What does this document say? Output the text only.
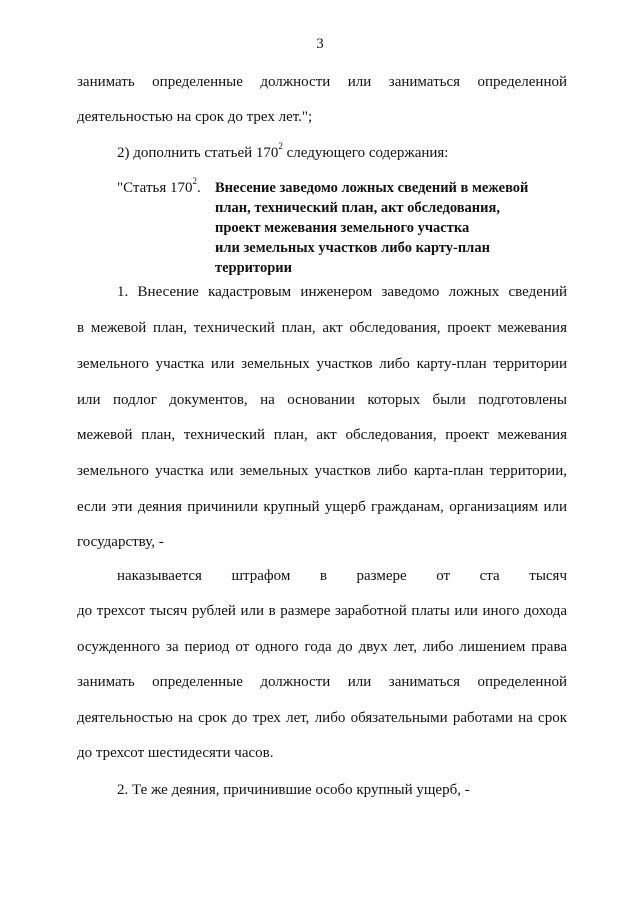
3
занимать определенные должности или заниматься определенной
деятельностью на срок до трех лет.";
2) дополнить статьей $170^2$ следующего содержания:
"Статья $170^2$. Внесение заведомо ложных сведений в межевой
план, технический план, акт обследования,
проект межевания земельного участка
или земельных участков либо карту-план
территории
1. Внесение кадастровым инженером заведомо ложных сведений
в межевой план, технический план, акт обследования, проект межевания
земельного участка или земельных участков либо карту-план территории
или подлог документов, на основании которых были подготовлены
межевой план, технический план, акт обследования, проект межевания
земельного участка или земельных участков либо карта-план территории,
если эти деяния причинили крупный ущерб гражданам, организациям или
государству, -
наказывается штрафом в размере от ста тысяч
до трехсот тысяч рублей или в размере заработной платы или иного дохода
осужденного за период от одного года до двух лет, либо лишением права
занимать определенные должности или заниматься определенной
деятельностью на срок до трех лет, либо обязательными работами на срок
до трехсот шестидесяти часов.
2. Те же деяния, причинившие особо крупный ущерб, -
